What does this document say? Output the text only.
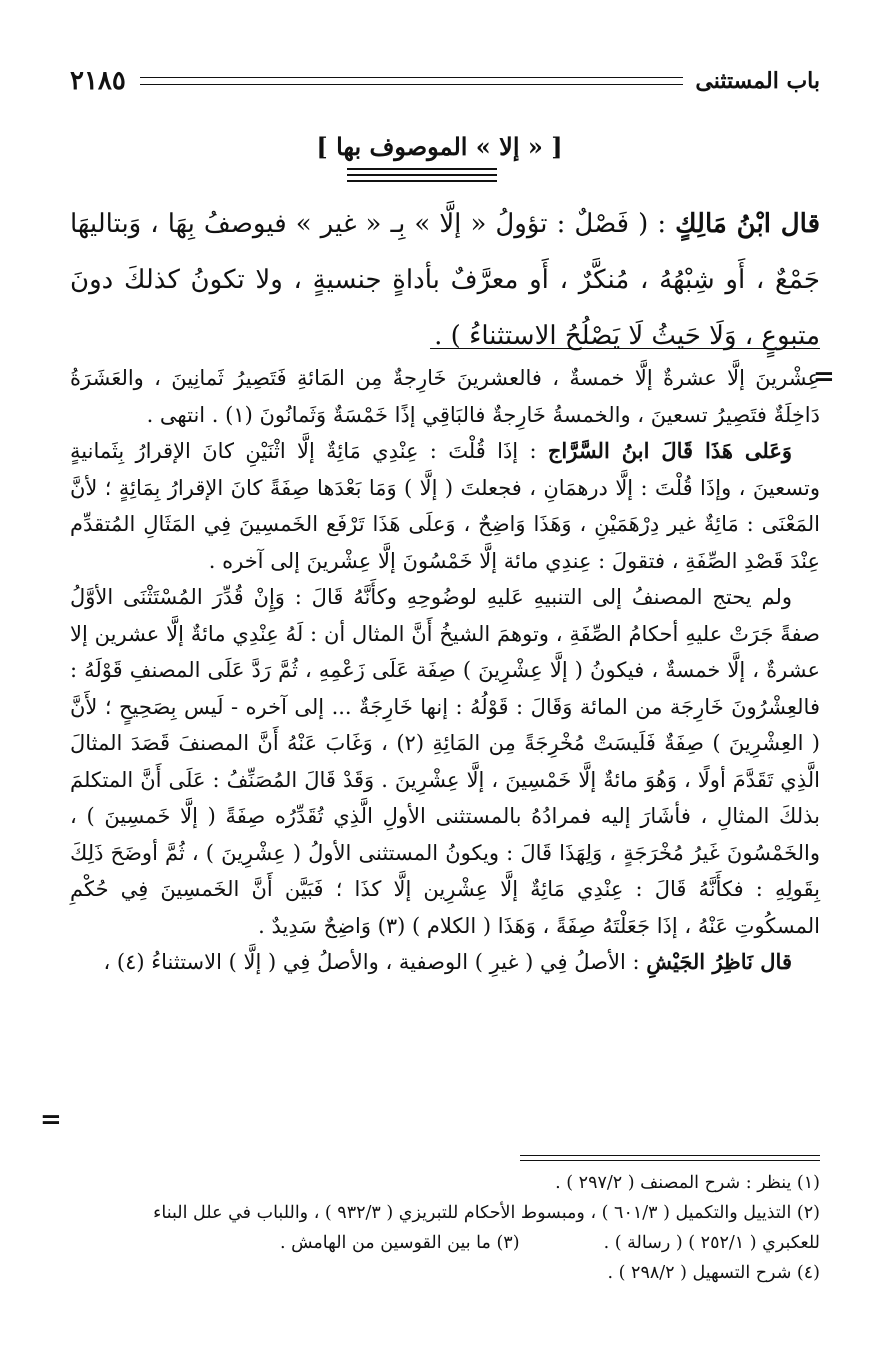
باب المستثنى
٢١٨٥
[ « إلا » الموصوف بها ]
قال ابْنُ مَالِكٍ : ( فَصْلٌ : تؤولُ « إلَّا » بِـ « غير » فيوصفُ بِهَا ، وَبتاليهَا جَمْعٌ ، أَو شِبْهُهُ ، مُنكَّرٌ ، أَو معرَّفٌ بأداةٍ جنسيةٍ ، ولا تكونُ كذلكَ دونَ متبوعٍ ، وَلَا حَيثُ لَا يَصْلُحُ الاستثناءُ ) .
=

عِشْرينَ إلَّا عشرةٌ إلَّا خمسةٌ ، فالعشرينَ خَارِجةٌ مِن المَائةِ فَتَصِيرُ ثَمانِينَ ، والعَشَرَةُ دَاخِلَةٌ فتَصِيرُ تسعينَ ، والخمسةُ خَارِجةٌ فالبَاقِي إذًا خَمْسَةٌ وَثَمانُونَ (١) . انتهى .

وَعَلى هَذَا قَالَ ابنُ السَّرَّاج : إذَا قُلْتَ : عِنْدِي مَائِةٌ إلَّا اثْنَيْنِ كانَ الإقرارُ بِثَمانيةٍ وتسعينَ ، وإذَا قُلْتَ : إلَّا درهمَانِ ، فجعلتَ ( إلَّا ) وَمَا بَعْدَها صِفَةً كانَ الإقرارُ بِمَائِةٍ ؛ لأنَّ المَعْنَى : مَائِةٌ غير دِرْهَمَيْنِ ، وَهَذَا وَاضِحٌ ، وَعلَى هَذَا تَرْفَع الخَمسِينَ فِي المَثَالِ المُتقدِّم عِنْدَ قَصْدِ الصِّفَةِ ، فتقولَ : عِندِي مائة إلَّا خَمْسُونَ إلَّا عِشْرينَ إلى آخره .

ولم يحتج المصنفُ إلى التنبيهِ عَليهِ لوضُوحِهِ وكأَنَّهُ قَالَ : وَإِنْ قُدِّرَ المُسْتَثْنَى الأوَّلُ صفةً جَرَتْ عليهِ أحكامُ الصِّفَةِ ، وتوهمَ الشيخُ أَنَّ المثال أن : لَهُ عِنْدِي مائةٌ إلَّا عشرين إلا عشرةٌ ، إلَّا خمسةٌ ، فيكونُ ( إلَّا عِشْرِينَ ) صِفَة عَلَى زَعْمِهِ ، ثُمَّ رَدَّ عَلَى المصنفِ قَوْلَهُ : فالعِشْرُونَ خَارِجَة من المائة وَقَالَ : قَوْلُهُ : إنها خَارِجَةٌ ... إلى آخره - لَيس بِصَحِيحٍ ؛ لأَنَّ ( العِشْرِينَ ) صِفَةٌ فَلَيسَتْ مُخْرِجَةً مِن المَائِةِ (٢) ، وَغَابَ عَنْهُ أَنَّ المصنفَ قَصَدَ المثالَ الَّذِي تَقَدَّمَ أولًا ، وَهُوَ مائةٌ إلَّا خَمْسِينَ ، إلَّا عِشْرِينَ . وَقَدْ قَالَ المُصَنِّفُ : عَلَى أَنَّ المتكلمَ بذلكَ المثالِ ، فأشَارَ إليه فمرادُهُ بالمستثنى الأولِ الَّذِي تُقَدِّرُه صِفَةً ( إلَّا خَمسِينَ ) ، والخَمْسُونَ غَيرُ مُخْرَجَةٍ ، وَلِهَذَا قَالَ : ويكونُ المستثنى الأولُ ( عِشْرِينَ ) ، ثُمَّ أوضَحَ ذَلِكَ بِقَولِهِ : فكأَنَّهُ قَالَ : عِنْدِي مَائِةٌ إلَّا عِشْرِين إلَّا كذَا ؛ فَبَيَّن أَنَّ الخَمسِينَ فِي حُكْمِ المسكُوتِ عَنْهُ ، إذَا جَعَلْتَهُ صِفَةً ، وَهَذَا ( الكلام ) (٣) وَاضِحٌ سَدِيدٌ .

قال نَاظِرُ الجَيْشِ : الأصلُ فِي ( غيرِ ) الوصفية ، والأصلُ فِي ( إلَّا ) الاستثناءُ (٤) ،

=

(١) ينظر : شرح المصنف ( ٢٩٧/٢ ) .

(٢) التذييل والتكميل ( ٦٠١/٣ ) ، ومبسوط الأحكام للتبريزي ( ٩٣٢/٣ ) ، واللباب في علل البناء

للعكبري ( ٢٥٢/١ ) ( رسالة ) .
(٣) ما بين القوسين من الهامش .

(٤) شرح التسهيل ( ٢٩٨/٢ ) .
